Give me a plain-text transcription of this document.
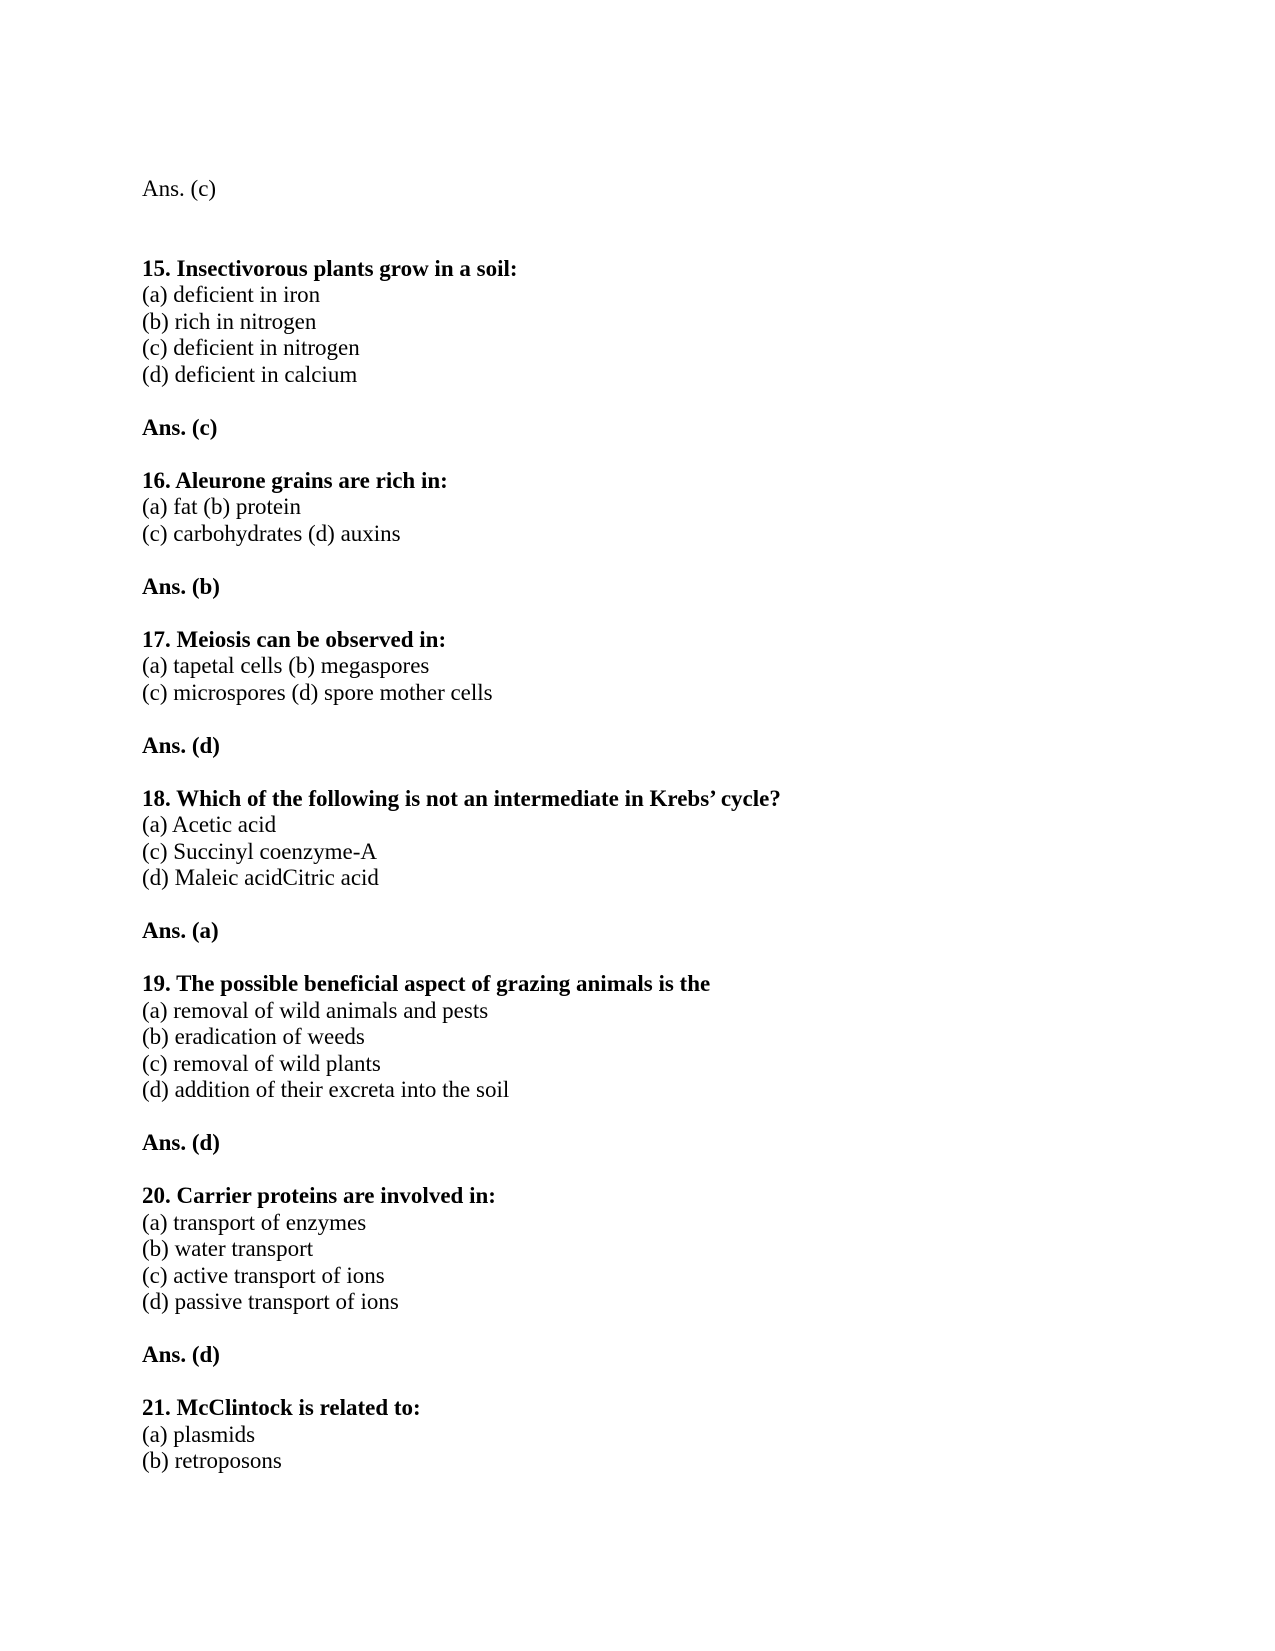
Ans. (c)
15. Insectivorous plants grow in a soil:
(a) deficient in iron
(b) rich in nitrogen
(c) deficient in nitrogen
(d) deficient in calcium
Ans. (c)
16. Aleurone grains are rich in:
(a) fat (b) protein
(c) carbohydrates (d) auxins
Ans. (b)
17. Meiosis can be observed in:
(a) tapetal cells (b) megaspores
(c) microspores (d) spore mother cells
Ans. (d)
18. Which of the following is not an intermediate in Krebs’ cycle?
(a) Acetic acid
(c) Succinyl coenzyme-A
(d) Maleic acidCitric acid
Ans. (a)
19. The possible beneficial aspect of grazing animals is the
(a) removal of wild animals and pests
(b) eradication of weeds
(c) removal of wild plants
(d) addition of their excreta into the soil
Ans. (d)
20. Carrier proteins are involved in:
(a) transport of enzymes
(b) water transport
(c) active transport of ions
(d) passive transport of ions
Ans. (d)
21. McClintock is related to:
(a) plasmids
(b) retroposons
